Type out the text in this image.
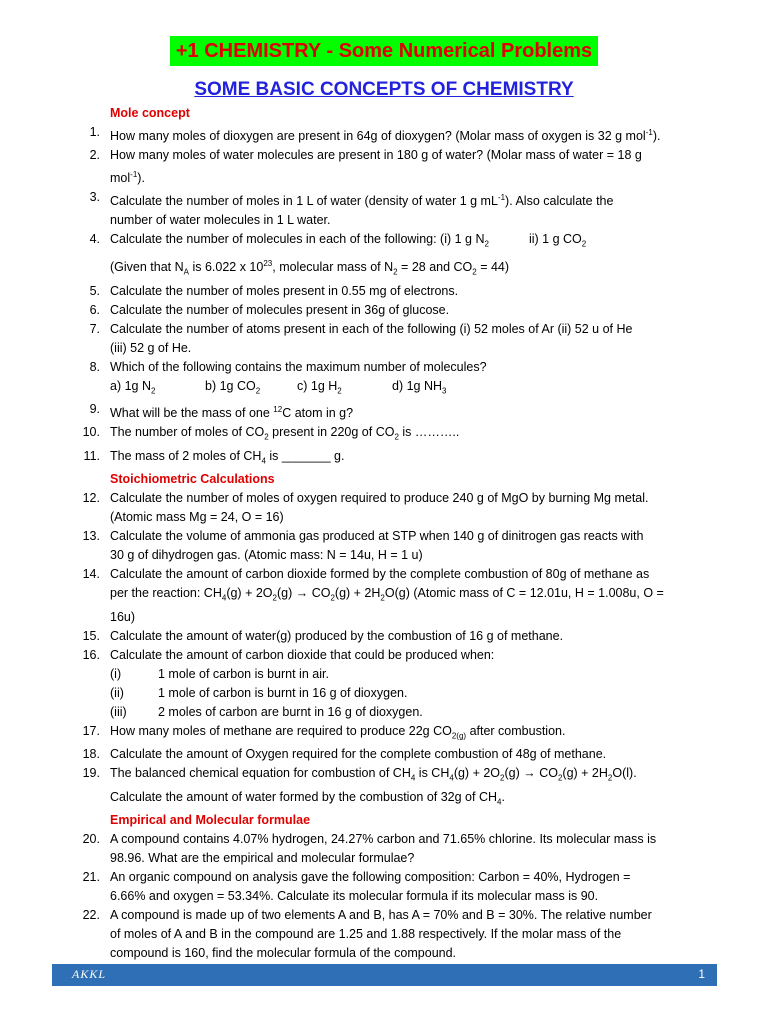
+1 CHEMISTRY - Some Numerical Problems
SOME BASIC CONCEPTS OF CHEMISTRY
Mole concept
1. How many moles of dioxygen are present in 64g of dioxygen? (Molar mass of oxygen is 32 g mol$^{-1}$).
2. How many moles of water molecules are present in 180 g of water? (Molar mass of water = 18 g
mol$^{-1}$).
3. Calculate the number of moles in 1 L of water (density of water 1 g $mL^{-1}$). Also calculate the
number of water molecules in 1 L water.
4. Calculate the number of molecules in each of the following: (i) 1 g $N_2$	ii) 1 g $CO_2$
(Given that $N_A$ is 6.022 x $10^{23}$, molecular mass of $N_2 = 28$ and $CO_2 = 44$)
5. Calculate the number of moles present in 0.55 mg of electrons.
6. Calculate the number of molecules present in 36g of glucose.
7. Calculate the number of atoms present in each of the following (i) 52 moles of Ar (ii) 52 u of He
(iii) 52 g of He.
8. Which of the following contains the maximum number of molecules?
a) 1g $N_2$	b) 1g $CO_2$	c) 1g $H_2$	d) 1g $NH_3$
9. What will be the mass of one $^{12}$C atom in g?
10. The number of moles of $CO_2$ present in 220g of $CO_2$ is ………..
11. The mass of 2 moles of $CH_4$ is _______ g.
Stoichiometric Calculations
12. Calculate the number of moles of oxygen required to produce 240 g of MgO by burning Mg metal.
(Atomic mass Mg = 24, O = 16)
13. Calculate the volume of ammonia gas produced at STP when 140 g of dinitrogen gas reacts with
30 g of dihydrogen gas. (Atomic mass: N = 14u, H = 1 u)
14. Calculate the amount of carbon dioxide formed by the complete combustion of 80g of methane as
per the reaction: $CH_4(g) + 2O_2(g) \to CO_2(g) + 2H_2O(g)$ (Atomic mass of C = 12.01u, H = 1.008u, O =
16u)
15. Calculate the amount of water(g) produced by the combustion of 16 g of methane.
16. Calculate the amount of carbon dioxide that could be produced when:
(i)	1 mole of carbon is burnt in air.
(ii)	1 mole of carbon is burnt in 16 g of dioxygen.
(iii)	2 moles of carbon are burnt in 16 g of dioxygen.
17. How many moles of methane are required to produce 22g $CO_{2(g)}$ after combustion.
18. Calculate the amount of Oxygen required for the complete combustion of 48g of methane.
19. The balanced chemical equation for combustion of $CH_4$ is $CH_4(g) + 2O_2(g) \to CO_2(g) + 2H_2O(l)$.
Calculate the amount of water formed by the combustion of 32g of $CH_4$.
Empirical and Molecular formulae
20. A compound contains 4.07% hydrogen, 24.27% carbon and 71.65% chlorine. Its molecular mass is
98.96. What are the empirical and molecular formulae?
21. An organic compound on analysis gave the following composition: Carbon = 40%, Hydrogen =
6.66% and oxygen = 53.34%. Calculate its molecular formula if its molecular mass is 90.
22. A compound is made up of two elements A and B, has A = 70% and B = 30%. The relative number
of moles of A and B in the compound are 1.25 and 1.88 respectively. If the molar mass of the
compound is 160, find the molecular formula of the compound.
AKKL	1
